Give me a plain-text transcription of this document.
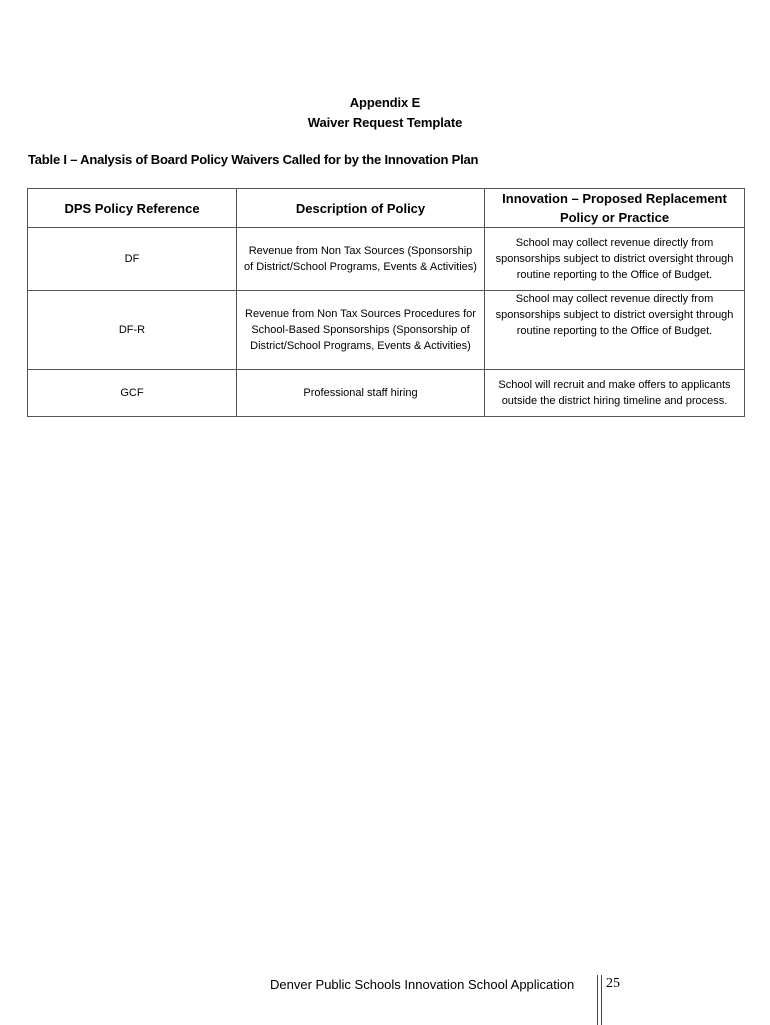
Appendix E
Waiver Request Template
Table I – Analysis of Board Policy Waivers Called for by the Innovation Plan
DPS Policy Reference	Description of Policy	Innovation – Proposed Replacement Policy or Practice
DF	Revenue from Non Tax Sources (Sponsorship of District/School Programs, Events & Activities)	School may collect revenue directly from sponsorships subject to district oversight through routine reporting to the Office of Budget.
DF-R	Revenue from Non Tax Sources Procedures for School-Based Sponsorships (Sponsorship of District/School Programs, Events & Activities)	School may collect revenue directly from sponsorships subject to district oversight through routine reporting to the Office of Budget.
GCF	Professional staff hiring	School will recruit and make offers to applicants outside the district hiring timeline and process.
Denver Public Schools Innovation School Application 25
